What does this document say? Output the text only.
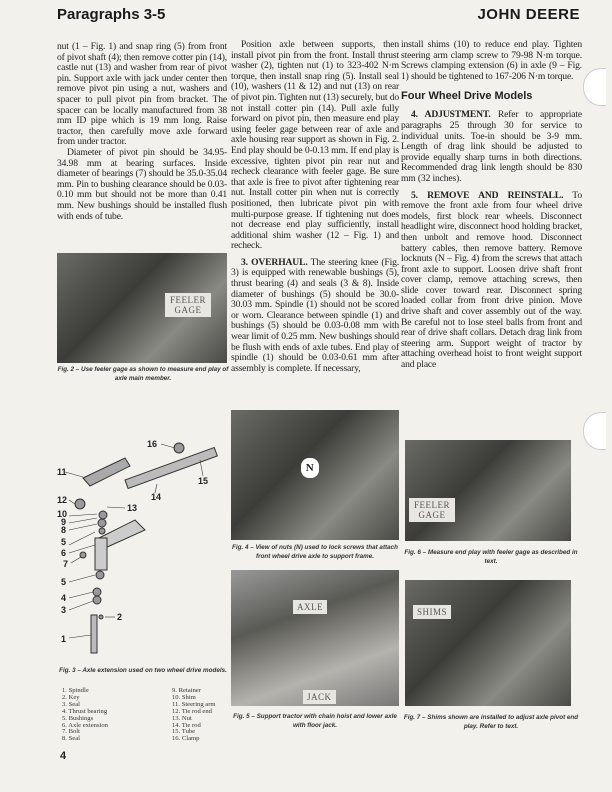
Paragraphs 3-5	JOHN DEERE

nut (1 – Fig. 1) and snap ring (5) from front of pivot shaft (4); then remove cotter pin (14), castle nut (13) and washer from rear of pivot pin. Support axle with jack under center then remove pivot pin using a nut, washers and spacer to pull pivot pin from bracket. The spacer can be locally manufactured from 38 mm ID pipe which is 19 mm long. Raise tractor, then carefully move axle forward from under tractor.

Diameter of pivot pin should be 34.95-34.98 mm at bearing surfaces. Inside diameter of bearings (7) should be 35.0-35.04 mm. Pin to bushing clearance should be 0.03-0.10 mm but should not be more than 0.41 mm. New bushings should be installed flush with ends of tube.

FEELER GAGE
Fig. 2 – Use feeler gage as shown to measure end play of axle main member.
1
2
3
4
5
5
6
7
8
9
10
11
12
13
14
15
16
Fig. 3 – Axle extension used on two wheel drive models.
1. Spindle
2. Key
3. Seal
4. Thrust bearing
5. Bushings
6. Axle extension
7. Bolt
8. Seal
9. Retainer
10. Shim
11. Steering arm
12. Tie rod end
13. Nut
14. Tie rod
15. Tube
16. Clamp
4

Position axle between supports, then install pivot pin from the front. Install thrust washer (2), tighten nut (1) to 323-402 N·m torque, then install snap ring (5). Install seal (10), washers (11 & 12) and nut (13) on rear of pivot pin. Tighten nut (13) securely, but do not install cotter pin (14). Pull axle fully forward on pivot pin, then measure end play using feeler gage between rear of axle and axle housing rear support as shown in Fig. 2. End play should be 0-0.13 mm. If end play is excessive, tighten pivot pin rear nut and recheck clearance with feeler gage. Be sure that axle is free to pivot after tightening rear nut. Install cotter pin when nut is correctly positioned, then lubricate pivot pin with multi-purpose grease. If tightening nut does not decrease end play sufficiently, install additional shim washer (12 – Fig. 1) and recheck.

3. OVERHAUL. The steering knee (Fig. 3) is equipped with renewable bushings (5), thrust bearing (4) and seals (3 & 8). Inside diameter of bushings (5) should be 30.0-30.03 mm. Spindle (1) should not be scored or worn. Clearance between spindle (1) and bushings (5) should be 0.03-0.08 mm with wear limit of 0.25 mm. New bushings should be flush with ends of axle tubes. End play of spindle (1) should be 0.03-0.61 mm after assembly is complete. If necessary,

N
Fig. 4 – View of nuts (N) used to lock screws that attach front wheel drive axle to support frame.
AXLE
JACK
Fig. 5 – Support tractor with chain hoist and lower axle with floor jack.

install shims (10) to reduce end play. Tighten steering arm clamp screw to 79-98 N·m torque. Screws clamping extension (6) in axle (9 – Fig. 1) should be tightened to 167-206 N·m torque.

Four Wheel Drive Models

4. ADJUSTMENT. Refer to appropriate paragraphs 25 through 30 for service to individual units. Toe-in should be 3-9 mm. Length of drag link should be adjusted to provide equally sharp turns in both directions. Recommended drag link length should be 830 mm (32 inches).

5. REMOVE AND REINSTALL. To remove the front axle from four wheel drive models, first block rear wheels. Disconnect headlight wire, disconnect hood holding bracket, then unbolt and remove hood. Disconnect battery cables, then remove battery. Remove locknuts (N – Fig. 4) from the screws that attach front axle to support. Loosen drive shaft front cover clamp, remove attaching screws, then slide cover toward rear. Disconnect spring loaded collar from front drive pinion. Move drive shaft and cover assembly out of the way. Be careful not to lose steel balls from front and rear of drive shaft collars. Detach drag link from steering arm. Support weight of tractor by attaching overhead hoist to front weight support and place

FEELER GAGE
Fig. 6 – Measure end play with feeler gage as described in text.
SHIMS
Fig. 7 – Shims shown are installed to adjust axle pivot end play. Refer to text.
